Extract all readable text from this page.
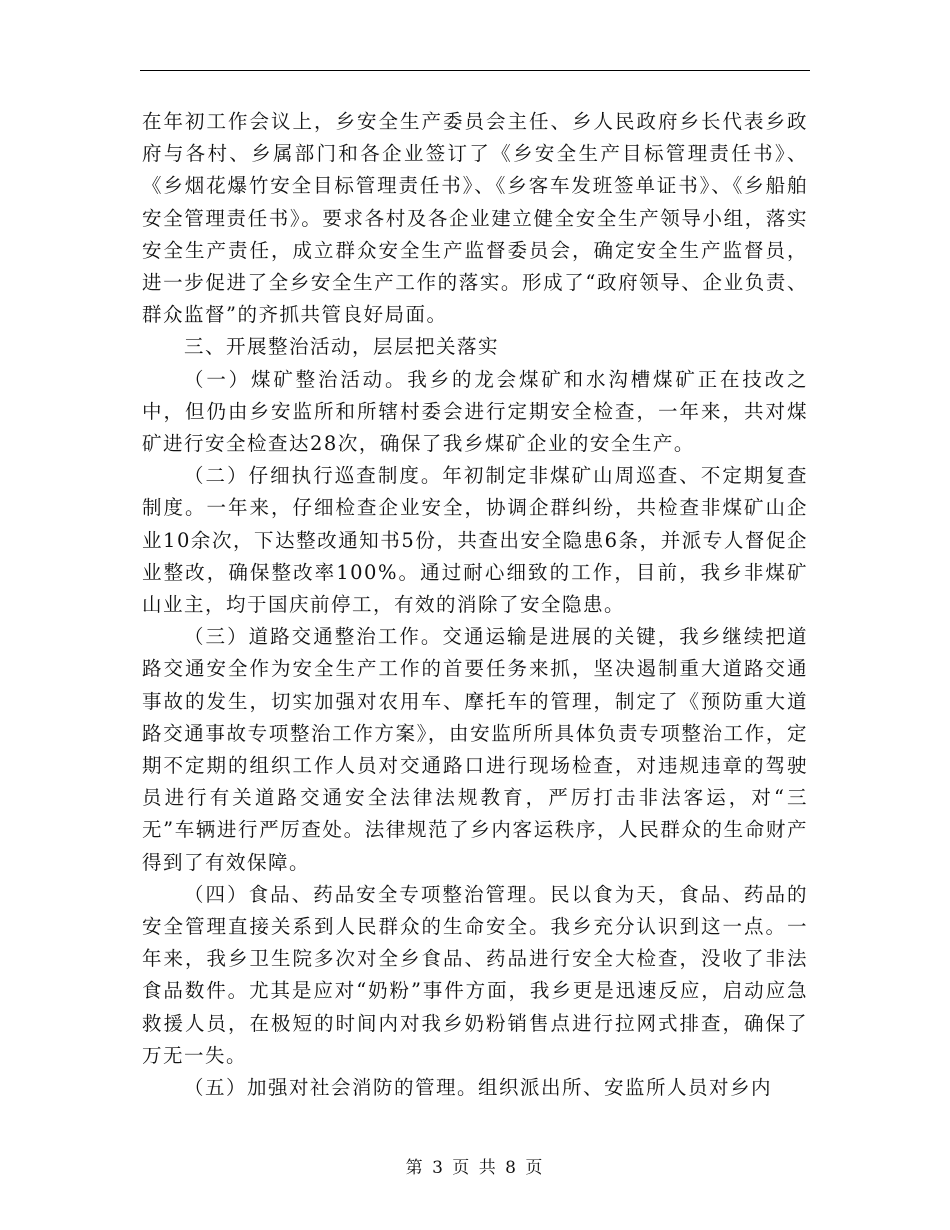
在年初工作会议上，乡安全生产委员会主任、乡人民政府乡长代表乡政府与各村、乡属部门和各企业签订了《乡安全生产目标管理责任书》、《乡烟花爆竹安全目标管理责任书》、《乡客车发班签单证书》、《乡船舶安全管理责任书》。要求各村及各企业建立健全安全生产领导小组，落实安全生产责任，成立群众安全生产监督委员会，确定安全生产监督员，进一步促进了全乡安全生产工作的落实。形成了“政府领导、企业负责、群众监督”的齐抓共管良好局面。

三、开展整治活动，层层把关落实

（一）煤矿整治活动。我乡的龙会煤矿和水沟槽煤矿正在技改之中，但仍由乡安监所和所辖村委会进行定期安全检查，一年来，共对煤矿进行安全检查达28次，确保了我乡煤矿企业的安全生产。

（二）仔细执行巡查制度。年初制定非煤矿山周巡查、不定期复查制度。一年来，仔细检查企业安全，协调企群纠纷，共检查非煤矿山企业10余次，下达整改通知书5份，共查出安全隐患6条，并派专人督促企业整改，确保整改率100%。通过耐心细致的工作，目前，我乡非煤矿山业主，均于国庆前停工，有效的消除了安全隐患。

（三）道路交通整治工作。交通运输是进展的关键，我乡继续把道路交通安全作为安全生产工作的首要任务来抓，坚决遏制重大道路交通事故的发生，切实加强对农用车、摩托车的管理，制定了《预防重大道路交通事故专项整治工作方案》，由安监所所具体负责专项整治工作，定期不定期的组织工作人员对交通路口进行现场检查，对违规违章的驾驶员进行有关道路交通安全法律法规教育，严厉打击非法客运，对“三无”车辆进行严厉查处。法律规范了乡内客运秩序，人民群众的生命财产得到了有效保障。

（四）食品、药品安全专项整治管理。民以食为天，食品、药品的安全管理直接关系到人民群众的生命安全。我乡充分认识到这一点。一年来，我乡卫生院多次对全乡食品、药品进行安全大检查，没收了非法食品数件。尤其是应对“奶粉”事件方面，我乡更是迅速反应，启动应急救援人员，在极短的时间内对我乡奶粉销售点进行拉网式排查，确保了万无一失。

（五）加强对社会消防的管理。组织派出所、安监所人员对乡内

第 3 页 共 8 页
